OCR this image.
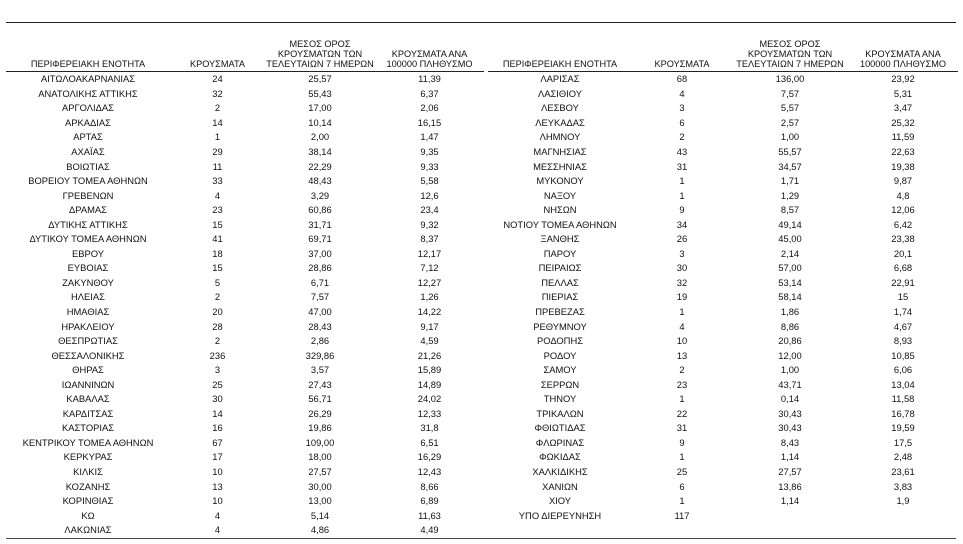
ΠΕΡΙΦΕΡΕΙΑΚΗ ΕΝΟΤΗΤΑ	ΚΡΟΥΣΜΑΤΑ	ΜΕΣΟΣ ΟΡΟΣ ΚΡΟΥΣΜΑΤΩΝ ΤΩΝ ΤΕΛΕΥΤΑΙΩΝ 7 ΗΜΕΡΩΝ	ΚΡΟΥΣΜΑΤΑ ΑΝΑ 100000 ΠΛΗΘΥΣΜΟ
ΑΙΤΩΛΟΑΚΑΡΝΑΝΙΑΣ	24	25,57	11,39
ΑΝΑΤΟΛΙΚΗΣ ΑΤΤΙΚΗΣ	32	55,43	6,37
ΑΡΓΟΛΙΔΑΣ	2	17,00	2,06
ΑΡΚΑΔΙΑΣ	14	10,14	16,15
ΑΡΤΑΣ	1	2,00	1,47
ΑΧΑΪΑΣ	29	38,14	9,35
ΒΟΙΩΤΙΑΣ	11	22,29	9,33
ΒΟΡΕΙΟΥ ΤΟΜΕΑ ΑΘΗΝΩΝ	33	48,43	5,58
ΓΡΕΒΕΝΩΝ	4	3,29	12,6
ΔΡΑΜΑΣ	23	60,86	23,4
ΔΥΤΙΚΗΣ ΑΤΤΙΚΗΣ	15	31,71	9,32
ΔΥΤΙΚΟΥ ΤΟΜΕΑ ΑΘΗΝΩΝ	41	69,71	8,37
ΕΒΡΟΥ	18	37,00	12,17
ΕΥΒΟΙΑΣ	15	28,86	7,12
ΖΑΚΥΝΘΟΥ	5	6,71	12,27
ΗΛΕΙΑΣ	2	7,57	1,26
ΗΜΑΘΙΑΣ	20	47,00	14,22
ΗΡΑΚΛΕΙΟΥ	28	28,43	9,17
ΘΕΣΠΡΩΤΙΑΣ	2	2,86	4,59
ΘΕΣΣΑΛΟΝΙΚΗΣ	236	329,86	21,26
ΘΗΡΑΣ	3	3,57	15,89
ΙΩΑΝΝΙΝΩΝ	25	27,43	14,89
ΚΑΒΑΛΑΣ	30	56,71	24,02
ΚΑΡΔΙΤΣΑΣ	14	26,29	12,33
ΚΑΣΤΟΡΙΑΣ	16	19,86	31,8
ΚΕΝΤΡΙΚΟΥ ΤΟΜΕΑ ΑΘΗΝΩΝ	67	109,00	6,51
ΚΕΡΚΥΡΑΣ	17	18,00	16,29
ΚΙΛΚΙΣ	10	27,57	12,43
ΚΟΖΑΝΗΣ	13	30,00	8,66
ΚΟΡΙΝΘΙΑΣ	10	13,00	6,89
ΚΩ	4	5,14	11,63
ΛΑΚΩΝΙΑΣ	4	4,86	4,49
ΠΕΡΙΦΕΡΕΙΑΚΗ ΕΝΟΤΗΤΑ	ΚΡΟΥΣΜΑΤΑ	ΜΕΣΟΣ ΟΡΟΣ ΚΡΟΥΣΜΑΤΩΝ ΤΩΝ ΤΕΛΕΥΤΑΙΩΝ 7 ΗΜΕΡΩΝ	ΚΡΟΥΣΜΑΤΑ ΑΝΑ 100000 ΠΛΗΘΥΣΜΟ
ΛΑΡΙΣΑΣ	68	136,00	23,92
ΛΑΣΙΘΙΟΥ	4	7,57	5,31
ΛΕΣΒΟΥ	3	5,57	3,47
ΛΕΥΚΑΔΑΣ	6	2,57	25,32
ΛΗΜΝΟΥ	2	1,00	11,59
ΜΑΓΝΗΣΙΑΣ	43	55,57	22,63
ΜΕΣΣΗΝΙΑΣ	31	34,57	19,38
ΜΥΚΟΝΟΥ	1	1,71	9,87
ΝΑΞΟΥ	1	1,29	4,8
ΝΗΣΩΝ	9	8,57	12,06
ΝΟΤΙΟΥ ΤΟΜΕΑ ΑΘΗΝΩΝ	34	49,14	6,42
ΞΑΝΘΗΣ	26	45,00	23,38
ΠΑΡΟΥ	3	2,14	20,1
ΠΕΙΡΑΙΩΣ	30	57,00	6,68
ΠΕΛΛΑΣ	32	53,14	22,91
ΠΙΕΡΙΑΣ	19	58,14	15
ΠΡΕΒΕΖΑΣ	1	1,86	1,74
ΡΕΘΥΜΝΟΥ	4	8,86	4,67
ΡΟΔΟΠΗΣ	10	20,86	8,93
ΡΟΔΟΥ	13	12,00	10,85
ΣΑΜΟΥ	2	1,00	6,06
ΣΕΡΡΩΝ	23	43,71	13,04
ΤΗΝΟΥ	1	0,14	11,58
ΤΡΙΚΑΛΩΝ	22	30,43	16,78
ΦΘΙΩΤΙΔΑΣ	31	30,43	19,59
ΦΛΩΡΙΝΑΣ	9	8,43	17,5
ΦΩΚΙΔΑΣ	1	1,14	2,48
ΧΑΛΚΙΔΙΚΗΣ	25	27,57	23,61
ΧΑΝΙΩΝ	6	13,86	3,83
ΧΙΟΥ	1	1,14	1,9
ΥΠΟ ΔΙΕΡΕΥΝΗΣΗ	117		
